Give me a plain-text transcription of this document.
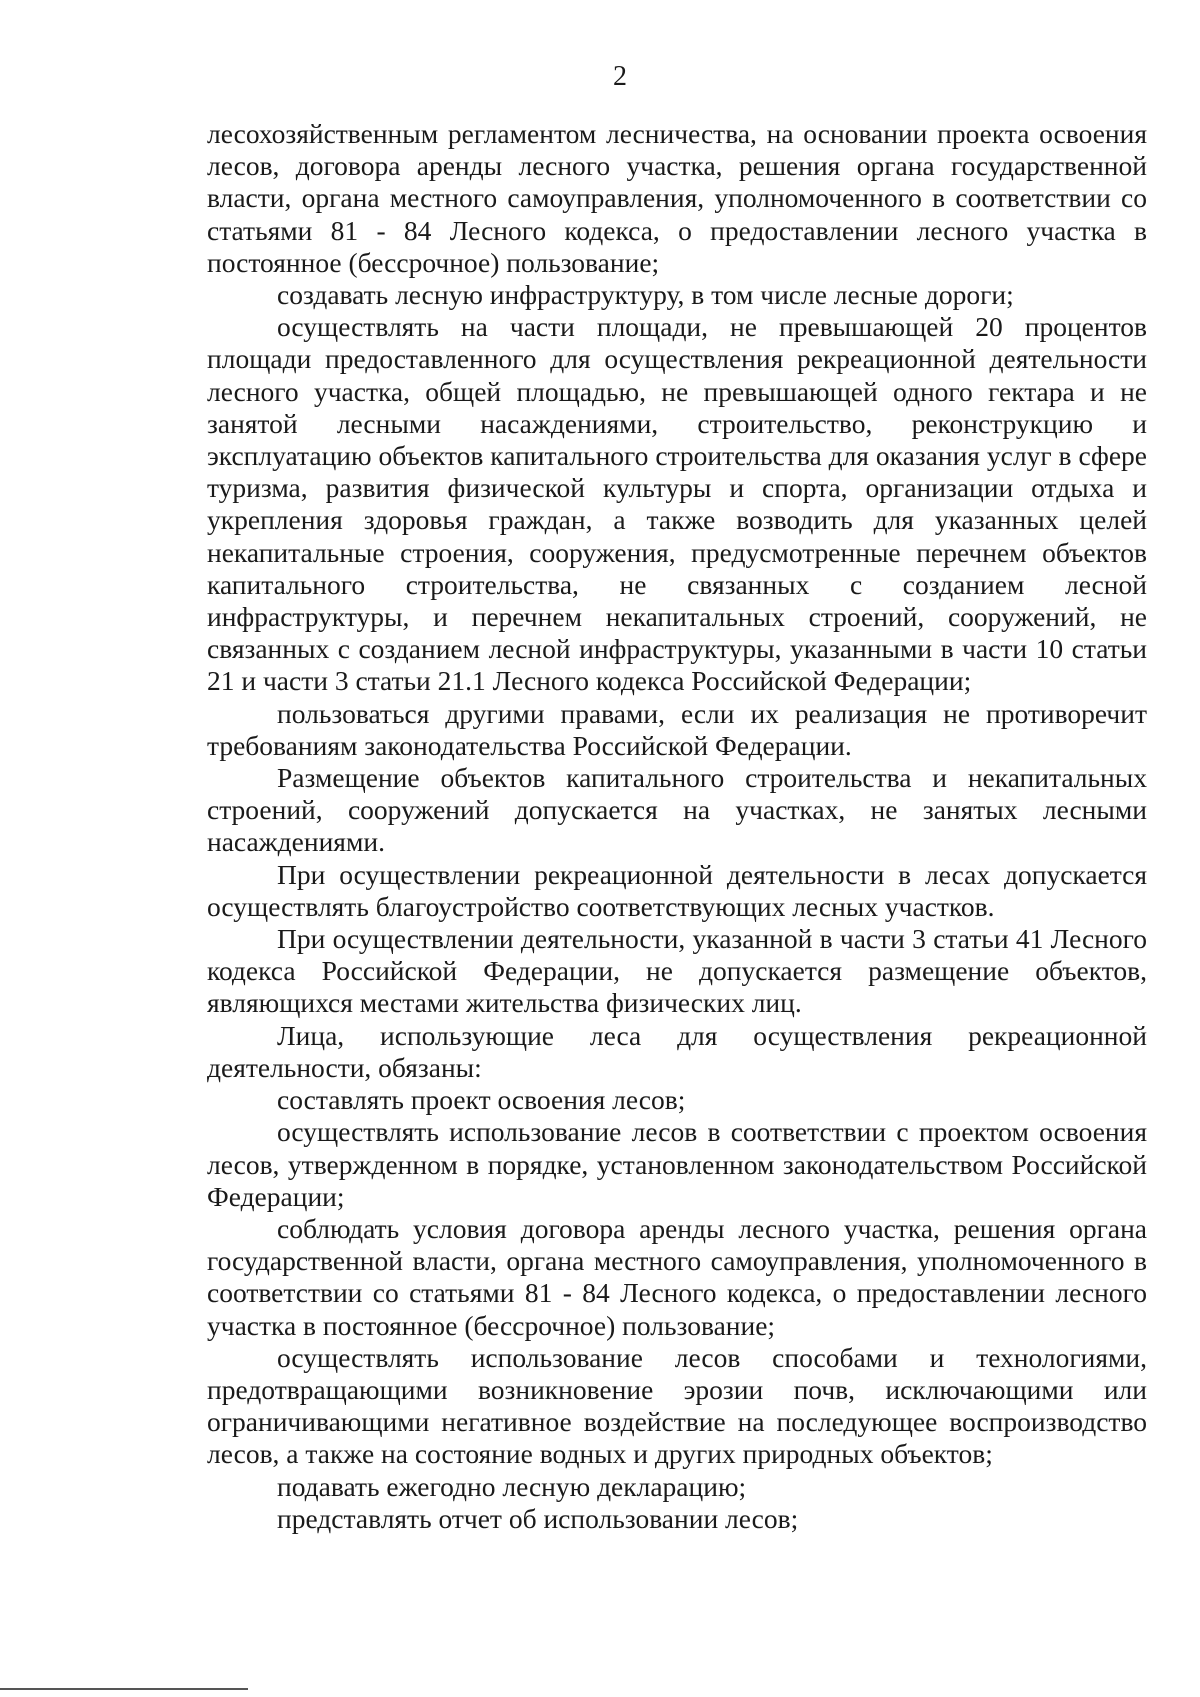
2

лесохозяйственным регламентом лесничества, на основании проекта освоения лесов, договора аренды лесного участка, решения органа государственной власти, органа местного самоуправления, уполномоченного в соответствии со статьями 81 - 84 Лесного кодекса, о предоставлении лесного участка в постоянное (бессрочное) пользование;

создавать лесную инфраструктуру, в том числе лесные дороги;

осуществлять на части площади, не превышающей 20 процентов площади предоставленного для осуществления рекреационной деятельности лесного участка, общей площадью, не превышающей одного гектара и не занятой лесными насаждениями, строительство, реконструкцию и эксплуатацию объектов капитального строительства для оказания услуг в сфере туризма, развития физической культуры и спорта, организации отдыха и укрепления здоровья граждан, а также возводить для указанных целей некапитальные строения, сооружения, предусмотренные перечнем объектов капитального строительства, не связанных с созданием лесной инфраструктуры, и перечнем некапитальных строений, сооружений, не связанных с созданием лесной инфраструктуры, указанными в части 10 статьи 21 и части 3 статьи 21.1 Лесного кодекса Российской Федерации;

пользоваться другими правами, если их реализация не противоречит требованиям законодательства Российской Федерации.

Размещение объектов капитального строительства и некапитальных строений, сооружений допускается на участках, не занятых лесными насаждениями.

При осуществлении рекреационной деятельности в лесах допускается осуществлять благоустройство соответствующих лесных участков.

При осуществлении деятельности, указанной в части 3 статьи 41 Лесного кодекса Российской Федерации, не допускается размещение объектов, являющихся местами жительства физических лиц.

Лица, использующие леса для осуществления рекреационной деятельности, обязаны:

составлять проект освоения лесов;

осуществлять использование лесов в соответствии с проектом освоения лесов, утвержденном в порядке, установленном законодательством Российской Федерации;

соблюдать условия договора аренды лесного участка, решения органа государственной власти, органа местного самоуправления, уполномоченного в соответствии со статьями 81 - 84 Лесного кодекса, о предоставлении лесного участка в постоянное (бессрочное) пользование;

осуществлять использование лесов способами и технологиями, предотвращающими возникновение эрозии почв, исключающими или ограничивающими негативное воздействие на последующее воспроизводство лесов, а также на состояние водных и других природных объектов;

подавать ежегодно лесную декларацию;

представлять отчет об использовании лесов;
